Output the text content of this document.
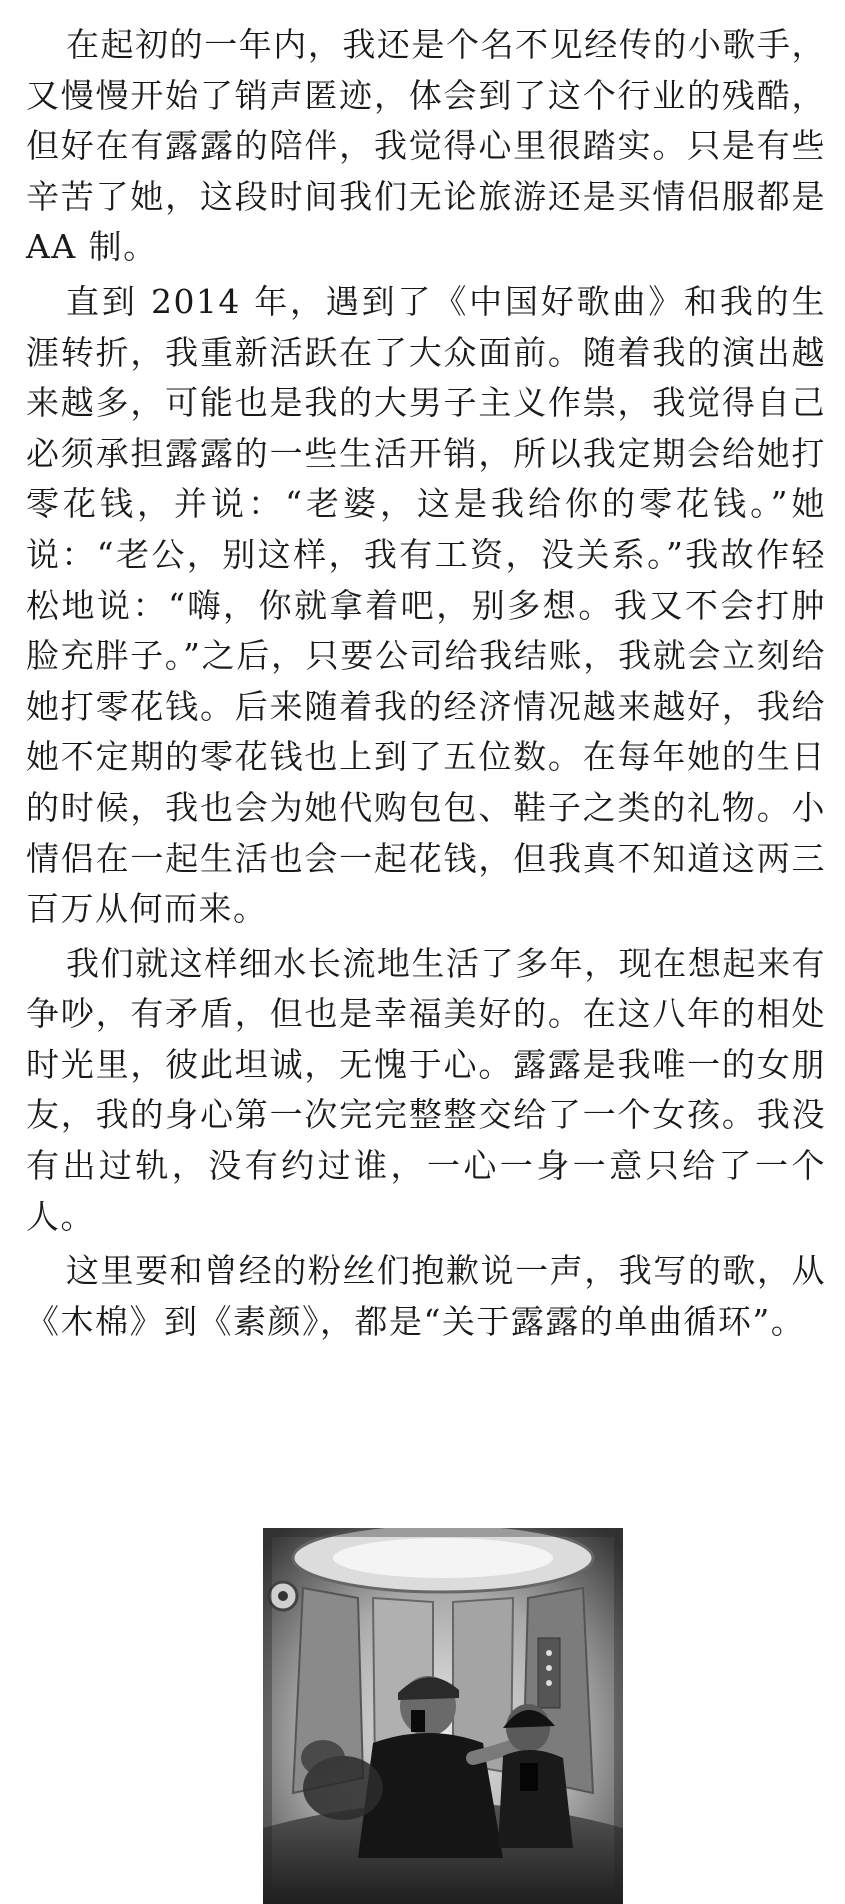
在起初的一年内，我还是个名不见经传的小歌手，又慢慢开始了销声匿迹，体会到了这个行业的残酷，但好在有露露的陪伴，我觉得心里很踏实。只是有些辛苦了她，这段时间我们无论旅游还是买情侣服都是AA 制。

直到 2014 年，遇到了《中国好歌曲》和我的生涯转折，我重新活跃在了大众面前。随着我的演出越来越多，可能也是我的大男子主义作祟，我觉得自己必须承担露露的一些生活开销，所以我定期会给她打零花钱，并说：“老婆，这是我给你的零花钱。”她说：“老公，别这样，我有工资，没关系。”我故作轻松地说：“嗨，你就拿着吧，别多想。我又不会打肿脸充胖子。”之后，只要公司给我结账，我就会立刻给她打零花钱。后来随着我的经济情况越来越好，我给她不定期的零花钱也上到了五位数。在每年她的生日的时候，我也会为她代购包包、鞋子之类的礼物。小情侣在一起生活也会一起花钱，但我真不知道这两三百万从何而来。

我们就这样细水长流地生活了多年，现在想起来有争吵，有矛盾，但也是幸福美好的。在这八年的相处时光里，彼此坦诚，无愧于心。露露是我唯一的女朋友，我的身心第一次完完整整交给了一个女孩。我没有出过轨，没有约过谁，一心一身一意只给了一个人。

这里要和曾经的粉丝们抱歉说一声，我写的歌，从《木棉》到《素颜》，都是“关于露露的单曲循环”。
